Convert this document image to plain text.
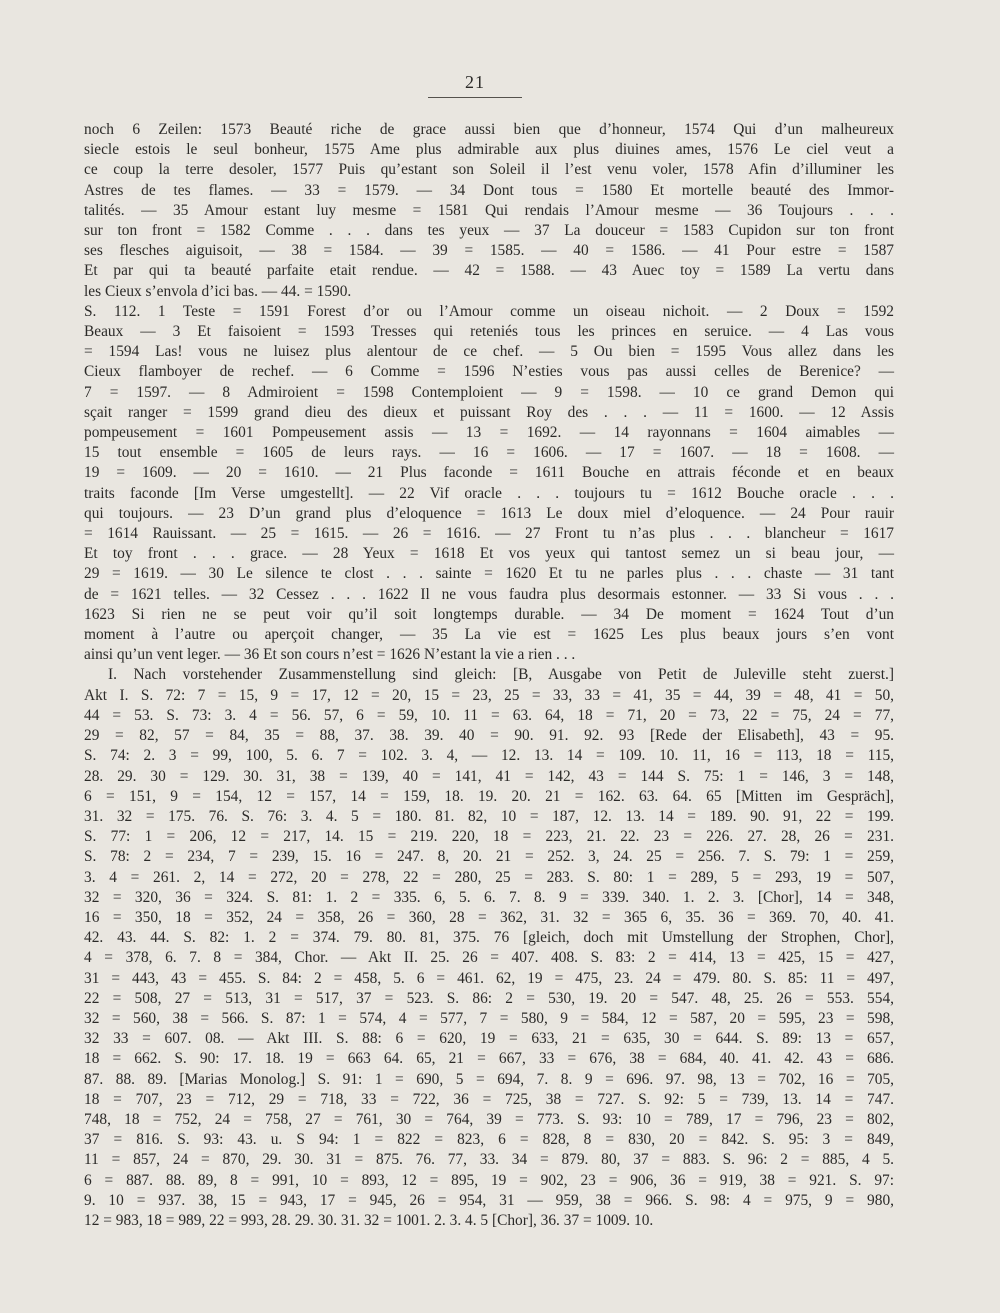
21
noch 6 Zeilen: 1573 Beauté riche de grace aussi bien que d’honneur, 1574 Qui d’un malheureux
siecle estois le seul bonheur, 1575 Ame plus admirable aux plus diuines ames, 1576 Le ciel veut a
ce coup la terre desoler, 1577 Puis qu’estant son Soleil il l’est venu voler, 1578 Afin d’illuminer les
Astres de tes flames. — 33 = 1579. — 34 Dont tous = 1580 Et mortelle beauté des Immor-
talités. — 35 Amour estant luy mesme = 1581 Qui rendais l’Amour mesme — 36 Toujours . . .
sur ton front = 1582 Comme . . . dans tes yeux — 37 La douceur = 1583 Cupidon sur ton front
ses flesches aiguisoit, — 38 = 1584. — 39 = 1585. — 40 = 1586. — 41 Pour estre = 1587
Et par qui ta beauté parfaite etait rendue. — 42 = 1588. — 43 Auec toy = 1589 La vertu dans
les Cieux s’envola d’ici bas. — 44. = 1590.
S. 112. 1 Teste = 1591 Forest d’or ou l’Amour comme un oiseau nichoit. — 2 Doux = 1592
Beaux — 3 Et faisoient = 1593 Tresses qui reteniés tous les princes en seruice. — 4 Las vous
= 1594 Las! vous ne luisez plus alentour de ce chef. — 5 Ou bien = 1595 Vous allez dans les
Cieux flamboyer de rechef. — 6 Comme = 1596 N’esties vous pas aussi celles de Berenice? —
7 = 1597. — 8 Admiroient = 1598 Contemploient — 9 = 1598. — 10 ce grand Demon qui
sçait ranger = 1599 grand dieu des dieux et puissant Roy des . . . — 11 = 1600. — 12 Assis
pompeusement = 1601 Pompeusement assis — 13 = 1692. — 14 rayonnans = 1604 aimables —
15 tout ensemble = 1605 de leurs rays. — 16 = 1606. — 17 = 1607. — 18 = 1608. —
19 = 1609. — 20 = 1610. — 21 Plus faconde = 1611 Bouche en attrais féconde et en beaux
traits faconde [Im Verse umgestellt]. — 22 Vif oracle . . . toujours tu = 1612 Bouche oracle . . .
qui toujours. — 23 D’un grand plus d’eloquence = 1613 Le doux miel d’eloquence. — 24 Pour rauir
= 1614 Rauissant. — 25 = 1615. — 26 = 1616. — 27 Front tu n’as plus . . . blancheur = 1617
Et toy front . . . grace. — 28 Yeux = 1618 Et vos yeux qui tantost semez un si beau jour, —
29 = 1619. — 30 Le silence te clost . . . sainte = 1620 Et tu ne parles plus . . . chaste — 31 tant
de = 1621 telles. — 32 Cessez . . . 1622 Il ne vous faudra plus desormais estonner. — 33 Si vous . . .
1623 Si rien ne se peut voir qu’il soit longtemps durable. — 34 De moment = 1624 Tout d’un
moment à l’autre ou aperçoit changer, — 35 La vie est = 1625 Les plus beaux jours s’en vont
ainsi qu’un vent leger. — 36 Et son cours n’est = 1626 N’estant la vie a rien . . .
I. Nach vorstehender Zusammenstellung sind gleich: [B, Ausgabe von Petit de Juleville steht zuerst.]
Akt I. S. 72: 7 = 15, 9 = 17, 12 = 20, 15 = 23, 25 = 33, 33 = 41, 35 = 44, 39 = 48, 41 = 50,
44 = 53. S. 73: 3. 4 = 56. 57, 6 = 59, 10. 11 = 63. 64, 18 = 71, 20 = 73, 22 = 75, 24 = 77,
29 = 82, 57 = 84, 35 = 88, 37. 38. 39. 40 = 90. 91. 92. 93 [Rede der Elisabeth], 43 = 95.
S. 74: 2. 3 = 99, 100, 5. 6. 7 = 102. 3. 4, — 12. 13. 14 = 109. 10. 11, 16 = 113, 18 = 115,
28. 29. 30 = 129. 30. 31, 38 = 139, 40 = 141, 41 = 142, 43 = 144 S. 75: 1 = 146, 3 = 148,
6 = 151, 9 = 154, 12 = 157, 14 = 159, 18. 19. 20. 21 = 162. 63. 64. 65 [Mitten im Gespräch],
31. 32 = 175. 76. S. 76: 3. 4. 5 = 180. 81. 82, 10 = 187, 12. 13. 14 = 189. 90. 91, 22 = 199.
S. 77: 1 = 206, 12 = 217, 14. 15 = 219. 220, 18 = 223, 21. 22. 23 = 226. 27. 28, 26 = 231.
S. 78: 2 = 234, 7 = 239, 15. 16 = 247. 8, 20. 21 = 252. 3, 24. 25 = 256. 7. S. 79: 1 = 259,
3. 4 = 261. 2, 14 = 272, 20 = 278, 22 = 280, 25 = 283. S. 80: 1 = 289, 5 = 293, 19 = 507,
32 = 320, 36 = 324. S. 81: 1. 2 = 335. 6, 5. 6. 7. 8. 9 = 339. 340. 1. 2. 3. [Chor], 14 = 348,
16 = 350, 18 = 352, 24 = 358, 26 = 360, 28 = 362, 31. 32 = 365 6, 35. 36 = 369. 70, 40. 41.
42. 43. 44. S. 82: 1. 2 = 374. 79. 80. 81, 375. 76 [gleich, doch mit Umstellung der Strophen, Chor],
4 = 378, 6. 7. 8 = 384, Chor. — Akt II. 25. 26 = 407. 408. S. 83: 2 = 414, 13 = 425, 15 = 427,
31 = 443, 43 = 455. S. 84: 2 = 458, 5. 6 = 461. 62, 19 = 475, 23. 24 = 479. 80. S. 85: 11 = 497,
22 = 508, 27 = 513, 31 = 517, 37 = 523. S. 86: 2 = 530, 19. 20 = 547. 48, 25. 26 = 553. 554,
32 = 560, 38 = 566. S. 87: 1 = 574, 4 = 577, 7 = 580, 9 = 584, 12 = 587, 20 = 595, 23 = 598,
32 33 = 607. 08. — Akt III. S. 88: 6 = 620, 19 = 633, 21 = 635, 30 = 644. S. 89: 13 = 657,
18 = 662. S. 90: 17. 18. 19 = 663 64. 65, 21 = 667, 33 = 676, 38 = 684, 40. 41. 42. 43 = 686.
87. 88. 89. [Marias Monolog.] S. 91: 1 = 690, 5 = 694, 7. 8. 9 = 696. 97. 98, 13 = 702, 16 = 705,
18 = 707, 23 = 712, 29 = 718, 33 = 722, 36 = 725, 38 = 727. S. 92: 5 = 739, 13. 14 = 747.
748, 18 = 752, 24 = 758, 27 = 761, 30 = 764, 39 = 773. S. 93: 10 = 789, 17 = 796, 23 = 802,
37 = 816. S. 93: 43. u. S 94: 1 = 822 = 823, 6 = 828, 8 = 830, 20 = 842. S. 95: 3 = 849,
11 = 857, 24 = 870, 29. 30. 31 = 875. 76. 77, 33. 34 = 879. 80, 37 = 883. S. 96: 2 = 885, 4 5.
6 = 887. 88. 89, 8 = 991, 10 = 893, 12 = 895, 19 = 902, 23 = 906, 36 = 919, 38 = 921. S. 97:
9. 10 = 937. 38, 15 = 943, 17 = 945, 26 = 954, 31 — 959, 38 = 966. S. 98: 4 = 975, 9 = 980,
12 = 983, 18 = 989, 22 = 993, 28. 29. 30. 31. 32 = 1001. 2. 3. 4. 5 [Chor], 36. 37 = 1009. 10.
